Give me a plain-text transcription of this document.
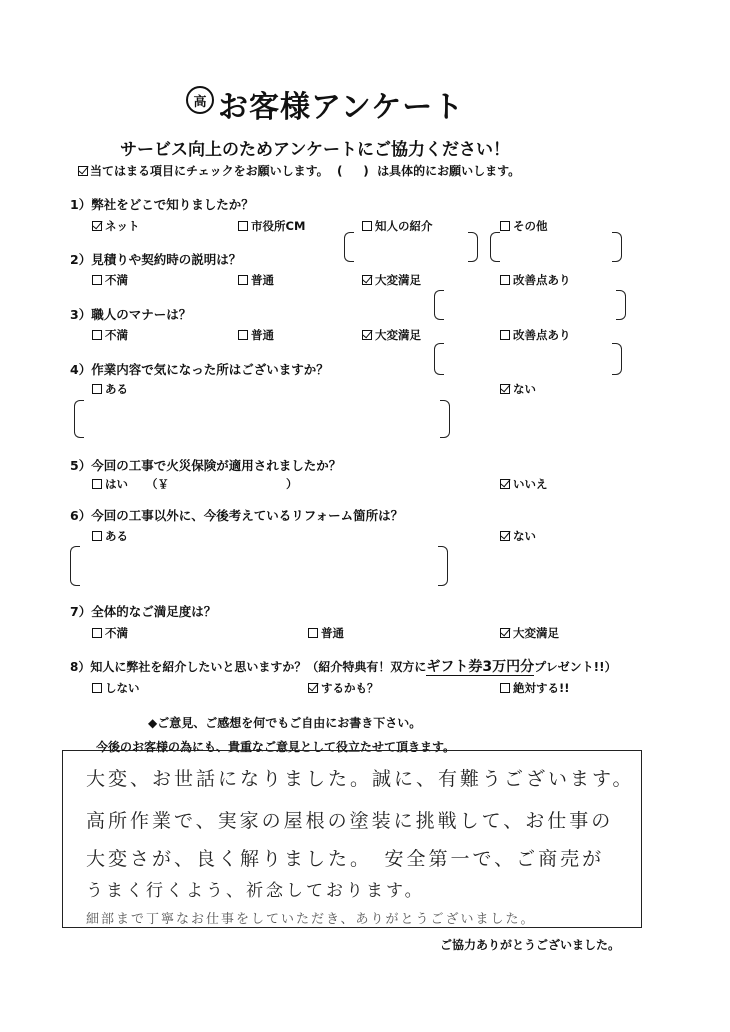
高 お客様アンケート
サービス向上のためアンケートにご協力ください！
当てはまる項目にチェックをお願いします。 (     ) は具体的にお願いします。
1）弊社をどこで知りましたか？
ネット	市役所CM	知人の紹介	その他
2）見積りや契約時の説明は？
不満	普通	大変満足	改善点あり
3）職人のマナーは？
不満	普通	大変満足	改善点あり
4）作業内容で気になった所はございますか？
ある	ない
5）今回の工事で火災保険が適用されましたか？
はい （￥	）	いいえ
6）今回の工事以外に、今後考えているリフォーム箇所は？
ある	ない
7）全体的なご満足度は？
不満	普通	大変満足
8）知人に弊社を紹介したいと思いますか？（紹介特典有！双方にギフト券3万円分プレゼント!!）
しない	するかも？	絶対する!!
◆ご意見、ご感想を何でもご自由にお書き下さい。
今後のお客様の為にも、貴重なご意見として役立たせて頂きます。
大変、お世話になりました。誠に、有難うございます。
高所作業で、実家の屋根の塗装に挑戦して、お仕事の
大変さが、良く解りました。　安全第一で、ご商売が
うまく行くよう、祈念しております。
細部まで丁寧なお仕事をしていただき、ありがとうございました。
ご協力ありがとうございました。
